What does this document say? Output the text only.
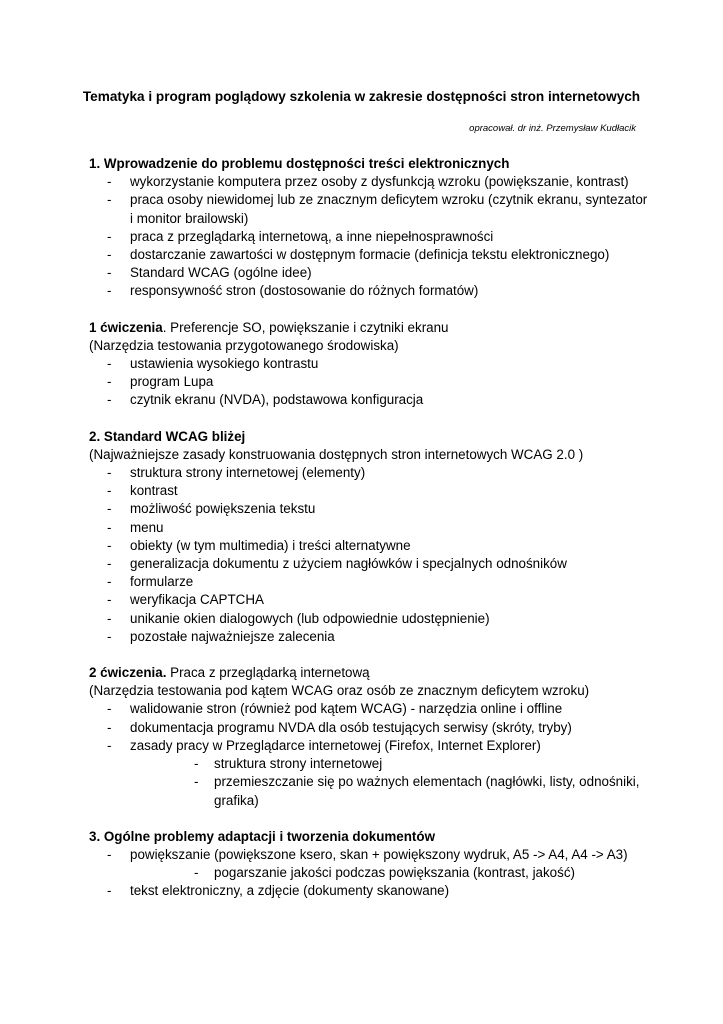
Tematyka i program poglądowy szkolenia w zakresie dostępności stron internetowych
opracował. dr inż. Przemysław Kudłacik
1. Wprowadzenie do problemu dostępności treści elektronicznych
- wykorzystanie komputera przez osoby z dysfunkcją wzroku (powiększanie, kontrast)
- praca osoby niewidomej lub ze znacznym deficytem wzroku (czytnik ekranu, syntezator i monitor brailowski)
- praca z przeglądarką internetową, a inne niepełnosprawności
- dostarczanie zawartości w dostępnym formacie (definicja tekstu elektronicznego)
- Standard WCAG (ogólne idee)
- responsywność stron (dostosowanie do różnych formatów)
1 ćwiczenia. Preferencje SO, powiększanie i czytniki ekranu
(Narzędzia testowania przygotowanego środowiska)
- ustawienia wysokiego kontrastu
- program Lupa
- czytnik ekranu (NVDA), podstawowa konfiguracja
2. Standard WCAG bliżej
(Najważniejsze zasady konstruowania dostępnych stron internetowych WCAG 2.0 )
- struktura strony internetowej (elementy)
- kontrast
- możliwość powiększenia tekstu
- menu
- obiekty (w tym multimedia) i treści alternatywne
- generalizacja dokumentu z użyciem nagłówków i specjalnych odnośników
- formularze
- weryfikacja CAPTCHA
- unikanie okien dialogowych (lub odpowiednie udostępnienie)
- pozostałe najważniejsze zalecenia
2 ćwiczenia. Praca z przeglądarką internetową
(Narzędzia testowania pod kątem WCAG oraz osób ze znacznym deficytem wzroku)
- walidowanie stron (również pod kątem WCAG) - narzędzia online i offline
- dokumentacja programu NVDA dla osób testujących serwisy (skróty, tryby)
- zasady pracy w Przeglądarce internetowej (Firefox, Internet Explorer)
- struktura strony internetowej
- przemieszczanie się po ważnych elementach (nagłówki, listy, odnośniki, grafika)
3. Ogólne problemy adaptacji i tworzenia dokumentów
- powiększanie (powiększone ksero, skan + powiększony wydruk, A5 -> A4, A4 -> A3)
- pogarszanie jakości podczas powiększania (kontrast, jakość)
- tekst elektroniczny, a zdjęcie (dokumenty skanowane)
